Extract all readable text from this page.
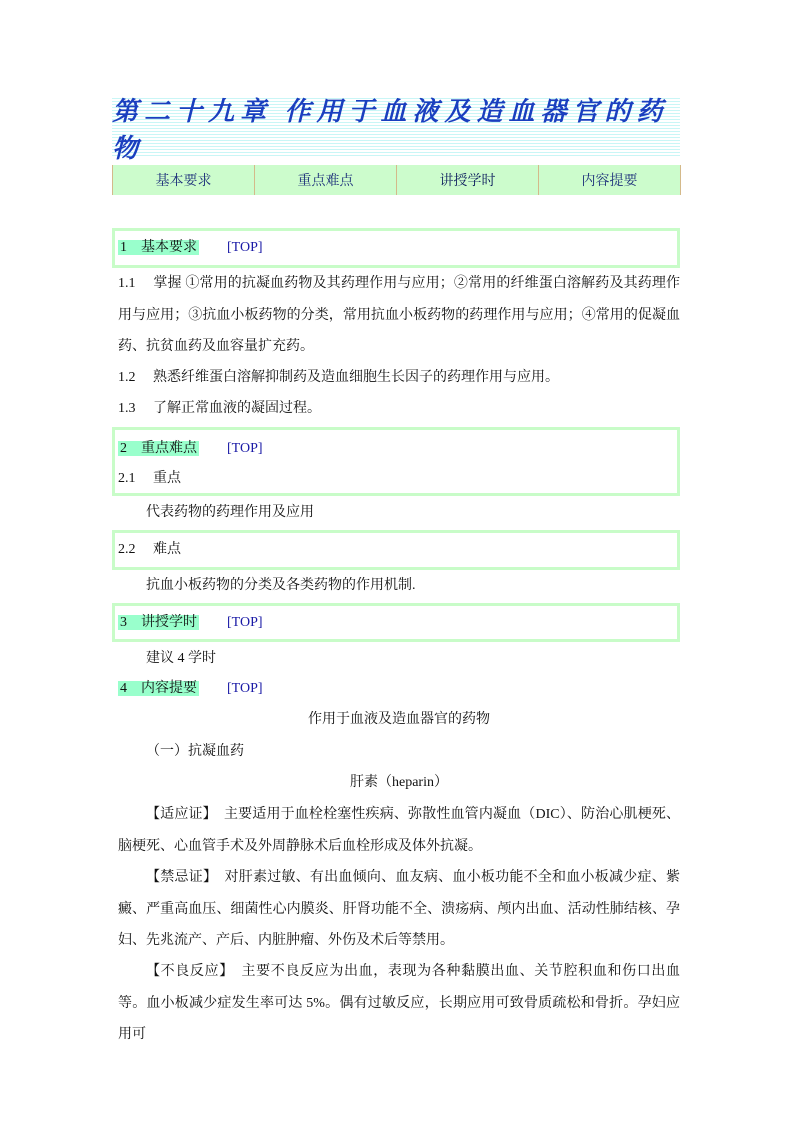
第二十九章 作用于血液及造血器官的药物
基本要求	重点难点	讲授学时	内容提要
1　 基本要求 [TOP]
1.1　 掌握 ①常用的抗凝血药物及其药理作用与应用；②常用的纤维蛋白溶解药及其药理作用与应用；③抗血小板药物的分类，常用抗血小板药物的药理作用与应用；④常用的促凝血药、抗贫血药及血容量扩充药。
1.2　 熟悉纤维蛋白溶解抑制药及造血细胞生长因子的药理作用与应用。
1.3　 了解正常血液的凝固过程。
2　 重点难点 [TOP]
2.1　 重点
代表药物的药理作用及应用
2.2　 难点
抗血小板药物的分类及各类药物的作用机制.
3　 讲授学时 [TOP]
建议 4 学时
4　 内容提要 [TOP]
作用于血液及造血器官的药物
（一）抗凝血药
肝素（heparin）
【适应证】　 主要适用于血栓栓塞性疾病、弥散性血管内凝血（DIC）、防治心肌梗死、脑梗死、心血管手术及外周静脉术后血栓形成及体外抗凝。
【禁忌证】　 对肝素过敏、有出血倾向、血友病、血小板功能不全和血小板减少症、紫癜、严重高血压、细菌性心内膜炎、肝肾功能不全、溃疡病、颅内出血、活动性肺结核、孕妇、先兆流产、产后、内脏肿瘤、外伤及术后等禁用。
【不良反应】　 主要不良反应为出血，表现为各种黏膜出血、关节腔积血和伤口出血等。血小板减少症发生率可达 5%。偶有过敏反应，长期应用可致骨质疏松和骨折。孕妇应用可
